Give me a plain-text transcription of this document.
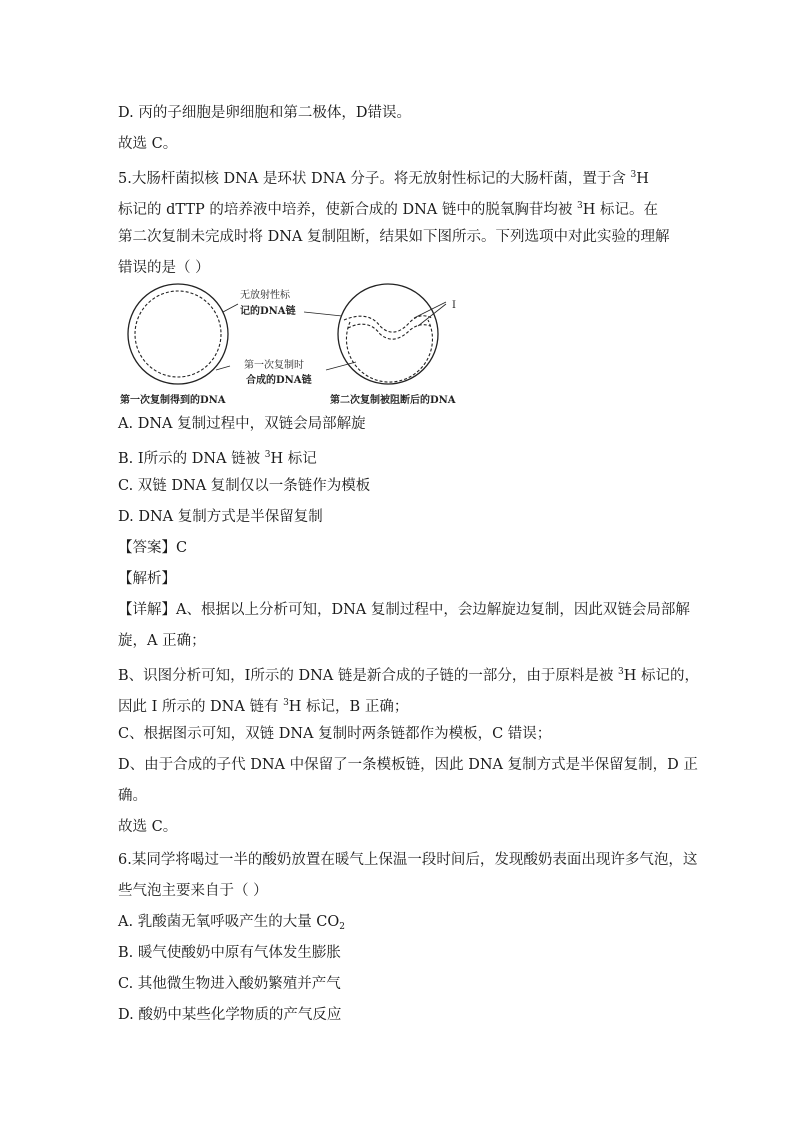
D. 丙的子细胞是卵细胞和第二极体，D错误。
故选 C。
5.大肠杆菌拟核 DNA 是环状 DNA 分子。将无放射性标记的大肠杆菌，置于含 $^3$H
标记的 dTTP 的培养液中培养，使新合成的 DNA 链中的脱氧胸苷均被 $^3$H 标记。在
第二次复制未完成时将 DNA 复制阻断，结果如下图所示。下列选项中对此实验的理解
错误的是（ ）
无放射性标
记的DNA链
第一次复制时
合成的DNA链
Ⅰ
第一次复制得到的DNA	第二次复制被阻断后的DNA
A. DNA 复制过程中，双链会局部解旋
B. Ⅰ所示的 DNA 链被 $^3$H 标记
C. 双链 DNA 复制仅以一条链作为模板
D. DNA 复制方式是半保留复制
【答案】C
【解析】
【详解】A、根据以上分析可知，DNA 复制过程中，会边解旋边复制，因此双链会局部解
旋，A 正确；
B、识图分析可知，Ⅰ所示的 DNA 链是新合成的子链的一部分，由于原料是被 $^3$H 标记的，
因此 I 所示的 DNA 链有 $^3$H 标记，B 正确；
C、根据图示可知，双链 DNA 复制时两条链都作为模板，C 错误；
D、由于合成的子代 DNA 中保留了一条模板链，因此 DNA 复制方式是半保留复制，D 正
确。
故选 C。
6.某同学将喝过一半的酸奶放置在暖气上保温一段时间后，发现酸奶表面出现许多气泡，这
些气泡主要来自于（ ）
A. 乳酸菌无氧呼吸产生的大量 $CO_2$
B. 暖气使酸奶中原有气体发生膨胀
C. 其他微生物进入酸奶繁殖并产气
D. 酸奶中某些化学物质的产气反应
